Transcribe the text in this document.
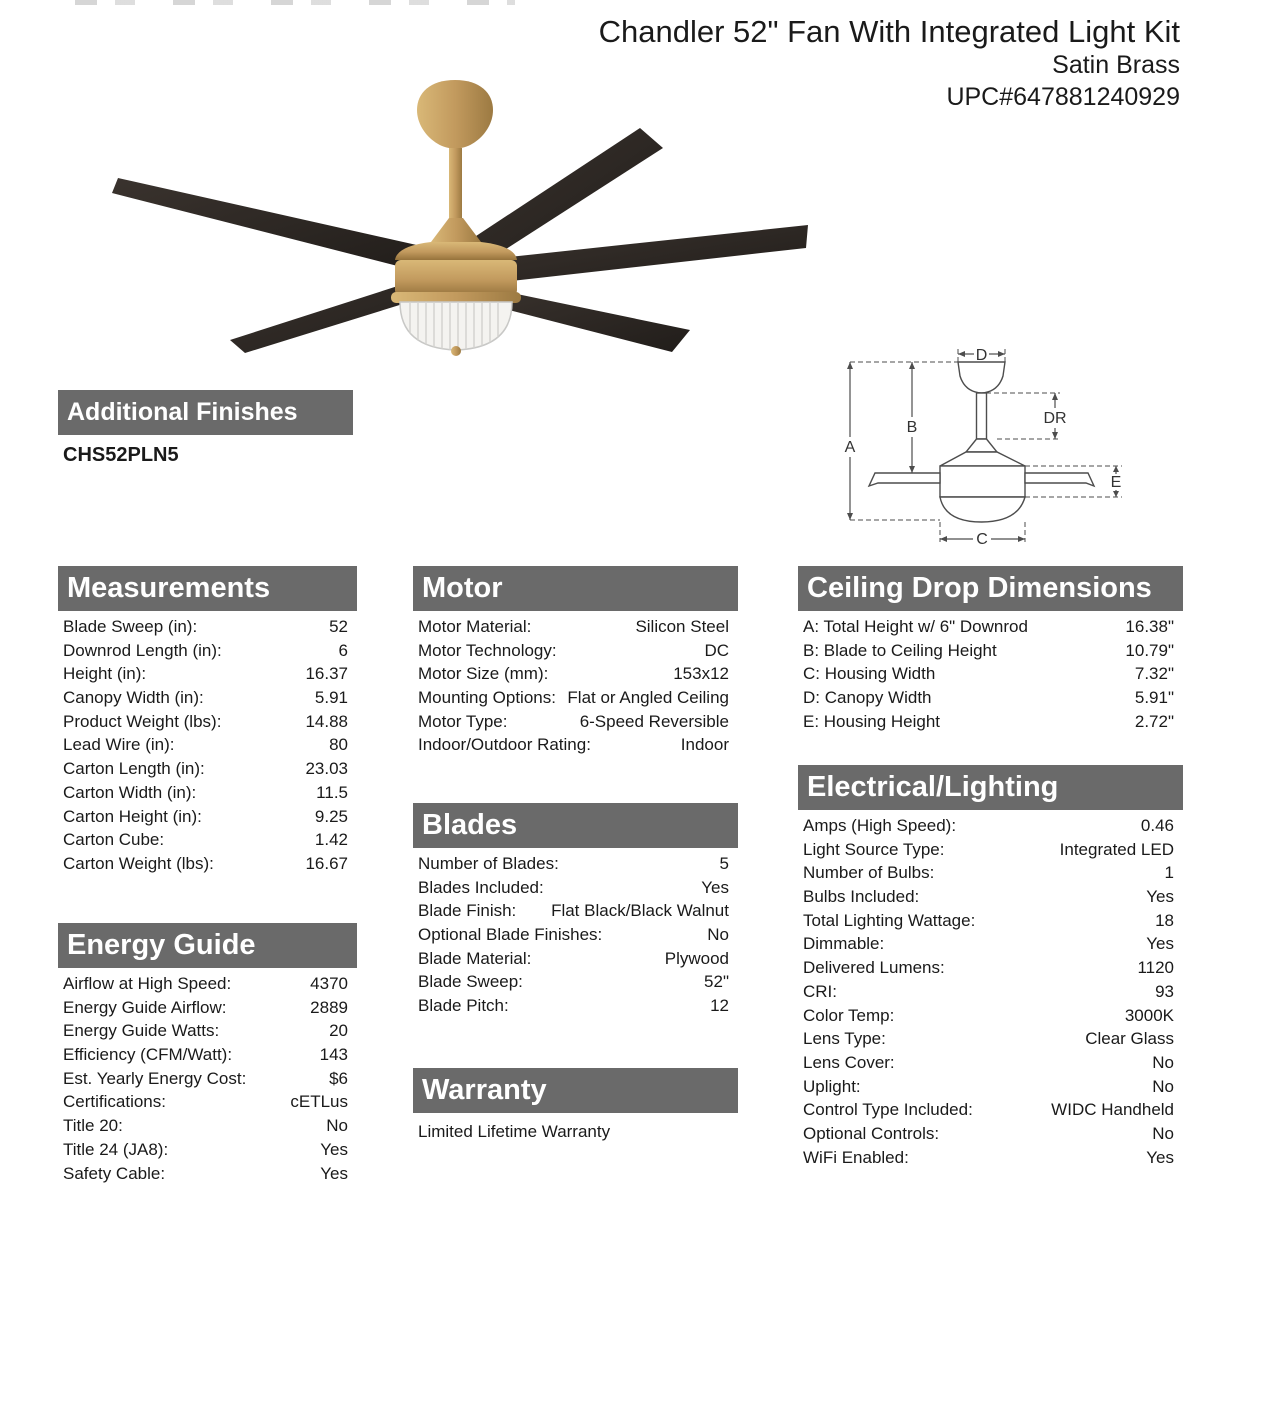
Chandler 52" Fan With Integrated Light Kit
Satin Brass
UPC#647881240929
D
A
B
DR
E
C
Additional Finishes
CHS52PLN5
Measurements
Blade Sweep (in):	52
Downrod Length (in):	6
Height (in):	16.37
Canopy Width (in):	5.91
Product Weight (lbs):	14.88
Lead Wire (in):	80
Carton Length (in):	23.03
Carton Width (in):	11.5
Carton Height (in):	9.25
Carton Cube:	1.42
Carton Weight (lbs):	16.67
Energy Guide
Airflow at High Speed:	4370
Energy Guide Airflow:	2889
Energy Guide Watts:	20
Efficiency (CFM/Watt):	143
Est. Yearly Energy Cost:	$6
Certifications:	cETLus
Title 20:	No
Title 24 (JA8):	Yes
Safety Cable:	Yes
Motor
Motor Material:	Silicon Steel
Motor Technology:	DC
Motor Size (mm):	153x12
Mounting Options: Flat or Angled Ceiling
Motor Type:	6-Speed Reversible
Indoor/Outdoor Rating:	Indoor
Blades
Number of Blades:	5
Blades Included:	Yes
Blade Finish: Flat Black/Black Walnut
Optional Blade Finishes:	No
Blade Material:	Plywood
Blade Sweep:	52"
Blade Pitch:	12
Warranty
Limited Lifetime Warranty
Ceiling Drop Dimensions
A: Total Height w/ 6" Downrod	16.38"
B: Blade to Ceiling Height	10.79"
C: Housing Width	7.32"
D: Canopy Width	5.91"
E: Housing Height	2.72"
Electrical/Lighting
Amps (High Speed):	0.46
Light Source Type:	Integrated LED
Number of Bulbs:	1
Bulbs Included:	Yes
Total Lighting Wattage:	18
Dimmable:	Yes
Delivered Lumens:	1120
CRI:	93
Color Temp:	3000K
Lens Type:	Clear Glass
Lens Cover:	No
Uplight:	No
Control Type Included:	WIDC Handheld
Optional Controls:	No
WiFi Enabled:	Yes
